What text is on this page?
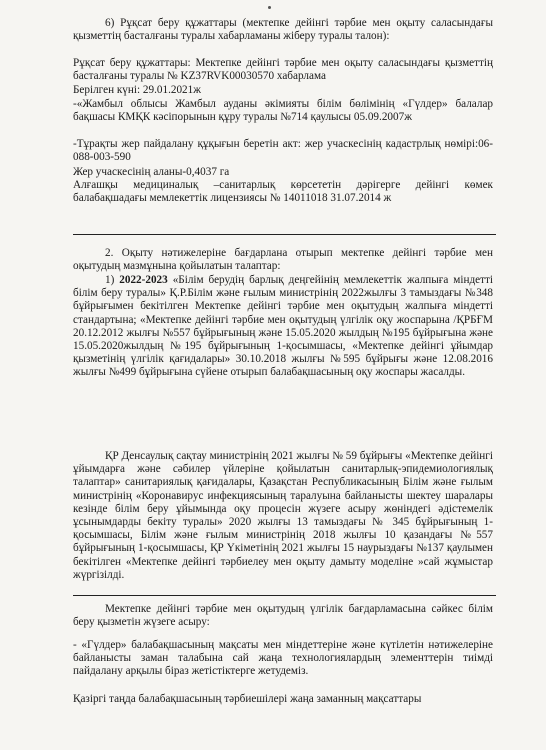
6) Рұқсат беру құжаттары (мектепке дейінгі тәрбие мен оқыту саласындағы қызметтің басталғаны туралы хабарламаны жіберу туралы талон):

Рұқсат беру құжаттары: Мектепке дейінгі тәрбие мен оқыту саласындағы қызметтің басталғаны туралы № KZ37RVK00030570 хабарлама

Берілген күні: 29.01.2021ж

-«Жамбыл облысы Жамбыл ауданы әкімияты білім бөлімінің «Гүлдер» балалар бақшасы КМҚК кәсіпорынын құру туралы №714 қаулысы 05.09.2007ж

-Тұрақты жер пайдалану құқығын беретін акт: жер учаскесінің кадастрлық нөмірі:06-088-003-590

Жер учаскесінің аланы-0,4037 га

Алғашқы медициналық –санитарлық көрсететін дәрігерге дейінгі көмек балабақшадағы мемлекеттік лицензиясы № 14011018 31.07.2014 ж

2. Оқыту нәтижелеріне бағдарлана отырып мектепке дейінгі тәрбие мен оқытудың мазмұнына қойылатын талаптар:

1) 2022-2023 «Білім берудің барлық деңгейінің мемлекеттік жалпыға міндетті білім беру туралы» Қ.Р.Білім және ғылым министрінің 2022жылғы 3 тамыздағы №348 бұйрығымен бекітілген Мектепке дейінгі тәрбие мен оқытудың жалпыға міндетті стандартына; «Мектепке дейінгі тәрбие мен оқытудың үлгілік оқу жоспарына /ҚРБҒМ 20.12.2012 жылғы №557 бұйрығының және 15.05.2020 жылдың №195 бұйрығына және 15.05.2020жылдың №195 бұйрығының 1-қосымшасы, «Мектепке дейінгі ұйымдар қызметінің үлгілік қағидалары» 30.10.2018 жылғы №595 бұйрығы және 12.08.2016 жылғы №499 бұйрығына сүйене отырып балабақшасының оқу жоспары жасалды.

ҚР Денсаулық сақтау министрінің 2021 жылғы № 59 бұйрығы «Мектепке дейінгі ұйымдарға және сәбилер үйлеріне қойылатын санитарлық-эпидемиологиялық талаптар» санитариялық қағидалары, Қазақстан Республикасының Білім және ғылым министрінің «Коронавирус инфекциясының таралуына байланысты шектеу шаралары кезінде білім беру ұйымында оқу процесін жүзеге асыру жөніндегі әдістемелік ұсынымдарды бекіту туралы» 2020 жылғы 13 тамыздағы № 345 бұйрығының 1-қосымшасы, Білім және ғылым министрінің 2018 жылғы 10 қазандағы №557 бұйрығының 1-қосымшасы, ҚР Үкіметінің 2021 жылғы 15 наурыздағы №137 қаулымен бекітілген «Мектепке дейінгі тәрбиелеу мен оқыту дамыту моделіне »сай жұмыстар жүргізілді.

Мектепке дейінгі тәрбие мен оқытудың үлгілік бағдарламасына сәйкес білім беру қызметін жүзеге асыру:

- «Гүлдер» балабақшасының мақсаты мен міндеттеріне және күтілетін нәтижелеріне байланысты заман талабына сай жаңа технологиялардың элементтерін тиімді пайдалану арқылы біраз жетістіктерге жетудеміз.

Қазіргі таңда балабақшасының тәрбиешілері жаңа заманның мақсаттары
